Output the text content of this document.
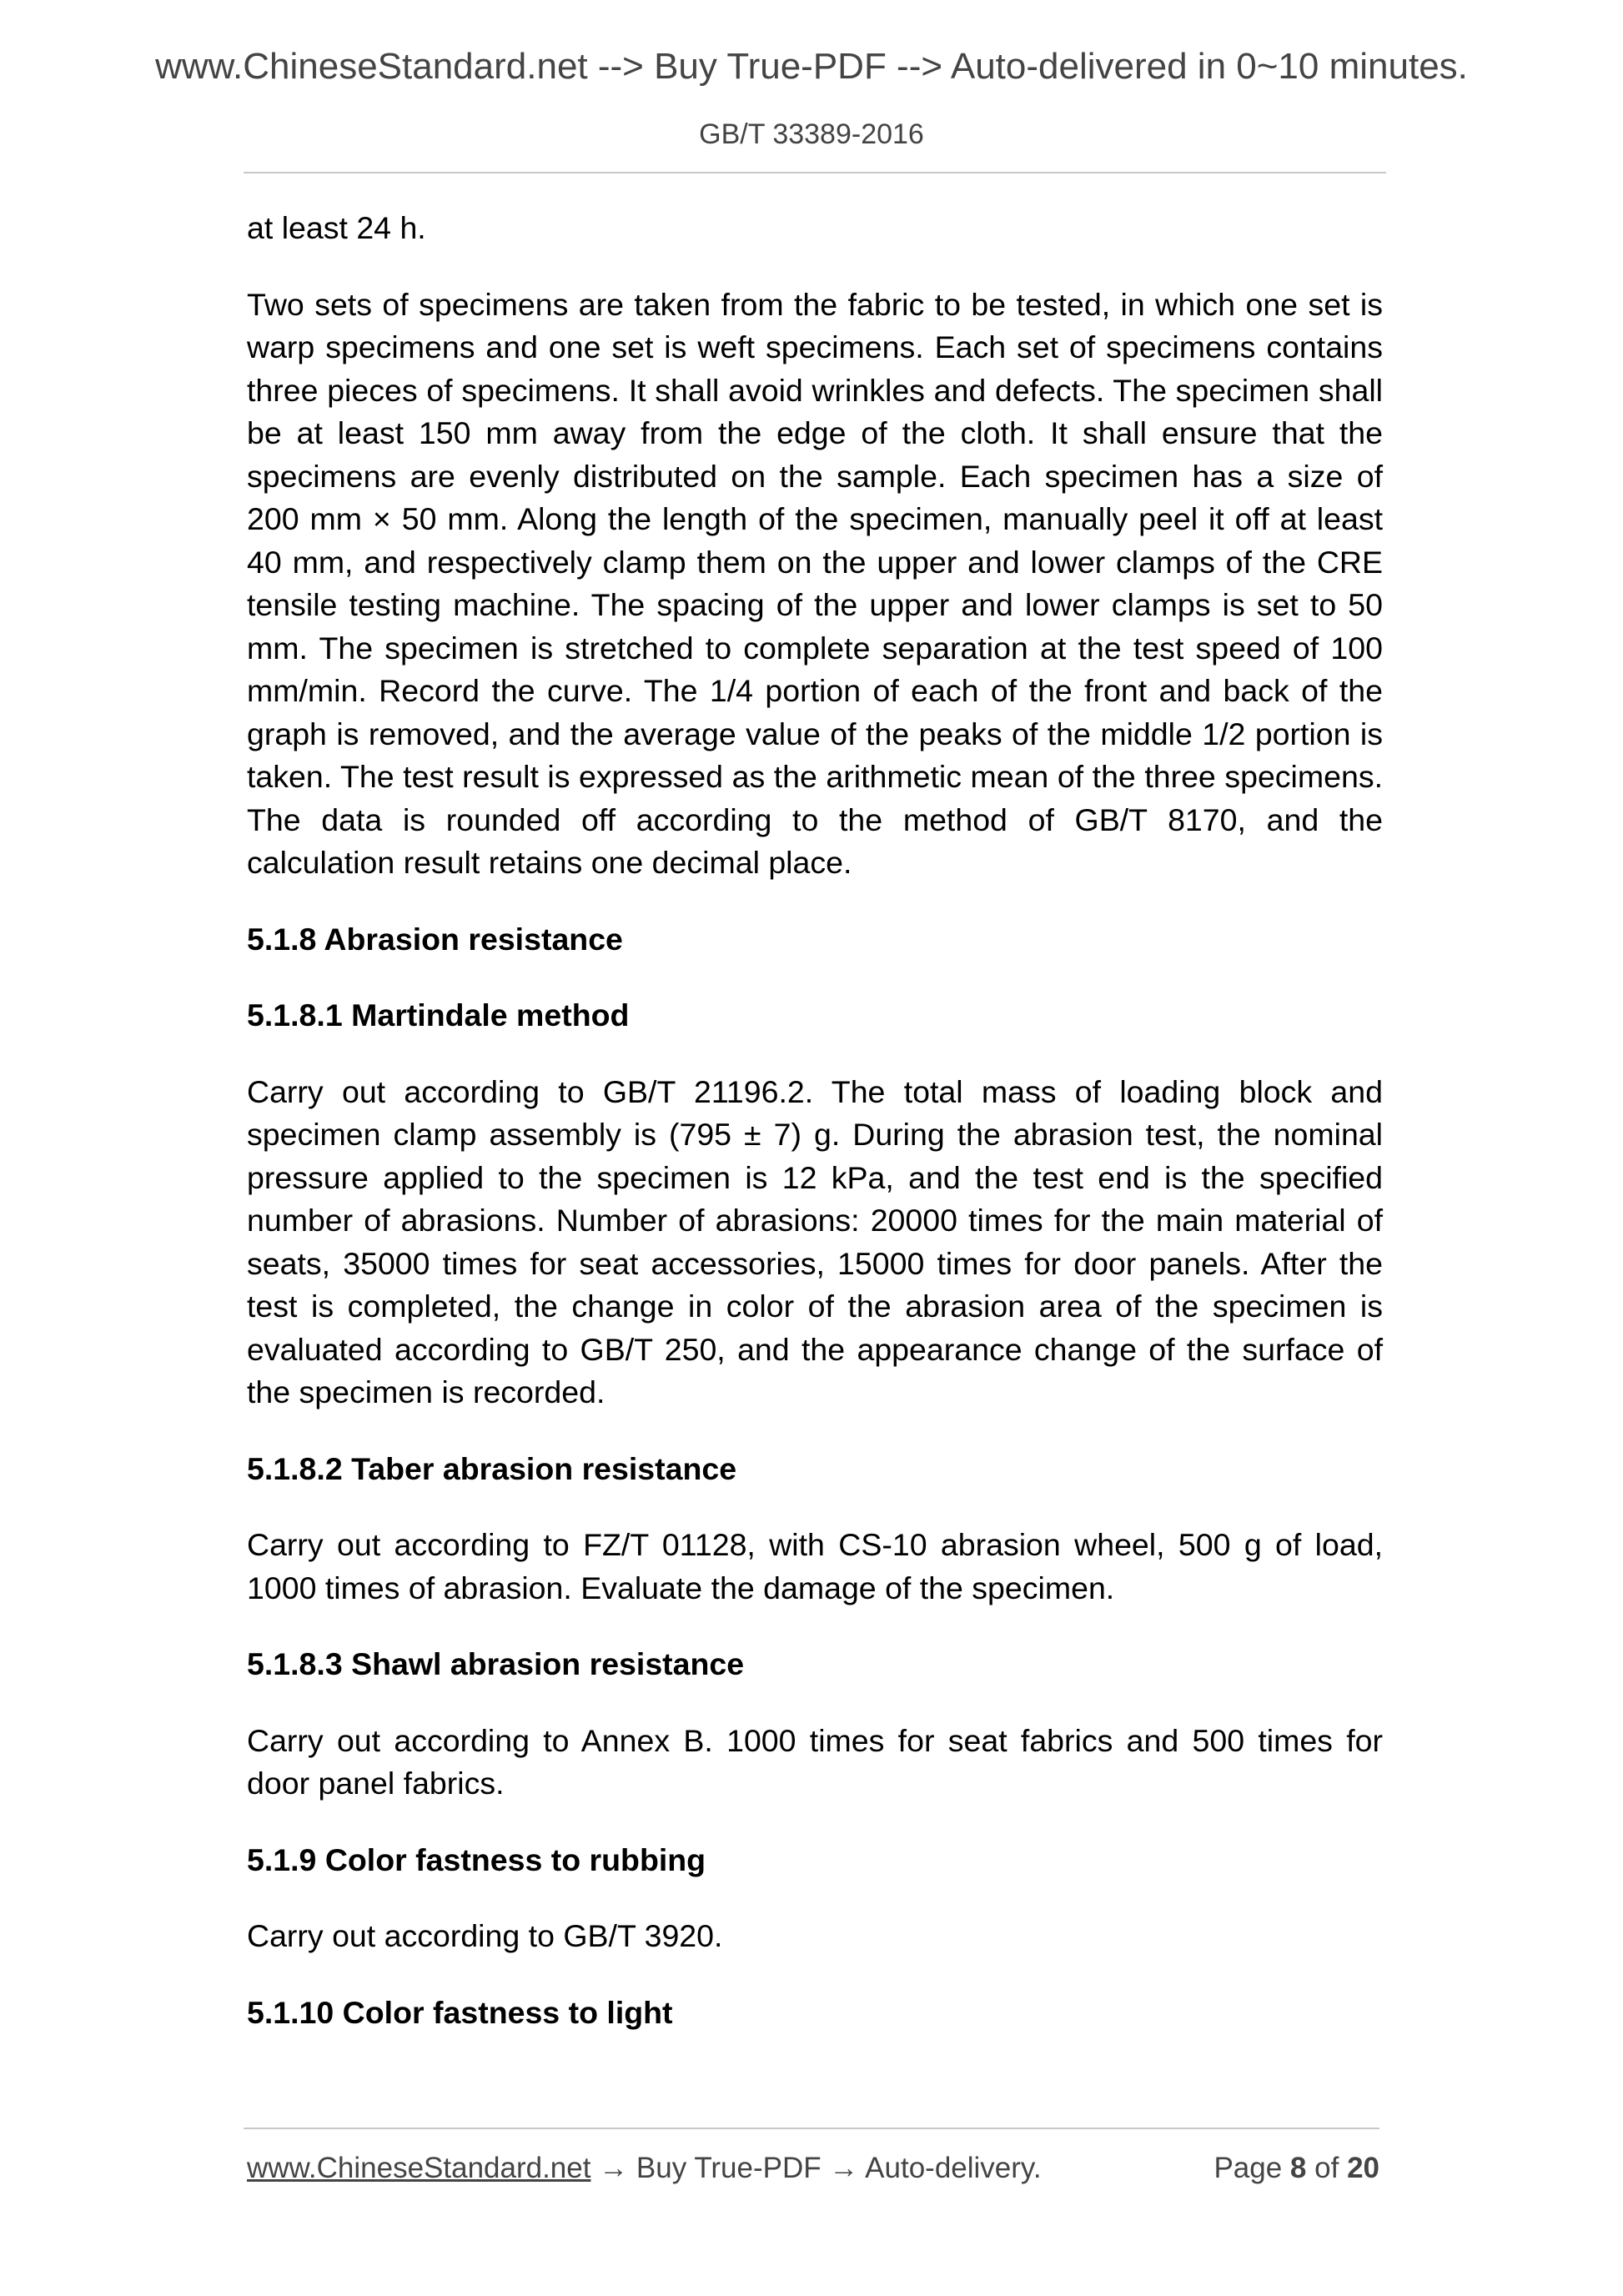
www.ChineseStandard.net --> Buy True-PDF --> Auto-delivered in 0~10 minutes.
GB/T 33389-2016

at least 24 h.

Two sets of specimens are taken from the fabric to be tested, in which one set is warp specimens and one set is weft specimens. Each set of specimens contains three pieces of specimens. It shall avoid wrinkles and defects. The specimen shall be at least 150 mm away from the edge of the cloth. It shall ensure that the specimens are evenly distributed on the sample. Each specimen has a size of 200 mm × 50 mm. Along the length of the specimen, manually peel it off at least 40 mm, and respectively clamp them on the upper and lower clamps of the CRE tensile testing machine. The spacing of the upper and lower clamps is set to 50 mm. The specimen is stretched to complete separation at the test speed of 100 mm/min. Record the curve. The 1/4 portion of each of the front and back of the graph is removed, and the average value of the peaks of the middle 1/2 portion is taken. The test result is expressed as the arithmetic mean of the three specimens. The data is rounded off according to the method of GB/T 8170, and the calculation result retains one decimal place.

5.1.8 Abrasion resistance
5.1.8.1 Martindale method

Carry out according to GB/T 21196.2. The total mass of loading block and specimen clamp assembly is (795 ± 7) g. During the abrasion test, the nominal pressure applied to the specimen is 12 kPa, and the test end is the specified number of abrasions. Number of abrasions: 20000 times for the main material of seats, 35000 times for seat accessories, 15000 times for door panels. After the test is completed, the change in color of the abrasion area of the specimen is evaluated according to GB/T 250, and the appearance change of the surface of the specimen is recorded.

5.1.8.2 Taber abrasion resistance

Carry out according to FZ/T 01128, with CS-10 abrasion wheel, 500 g of load, 1000 times of abrasion. Evaluate the damage of the specimen.

5.1.8.3 Shawl abrasion resistance

Carry out according to Annex B. 1000 times for seat fabrics and 500 times for door panel fabrics.

5.1.9 Color fastness to rubbing

Carry out according to GB/T 3920.

5.1.10 Color fastness to light
www.ChineseStandard.net → Buy True-PDF → Auto-delivery.	Page 8 of 20
